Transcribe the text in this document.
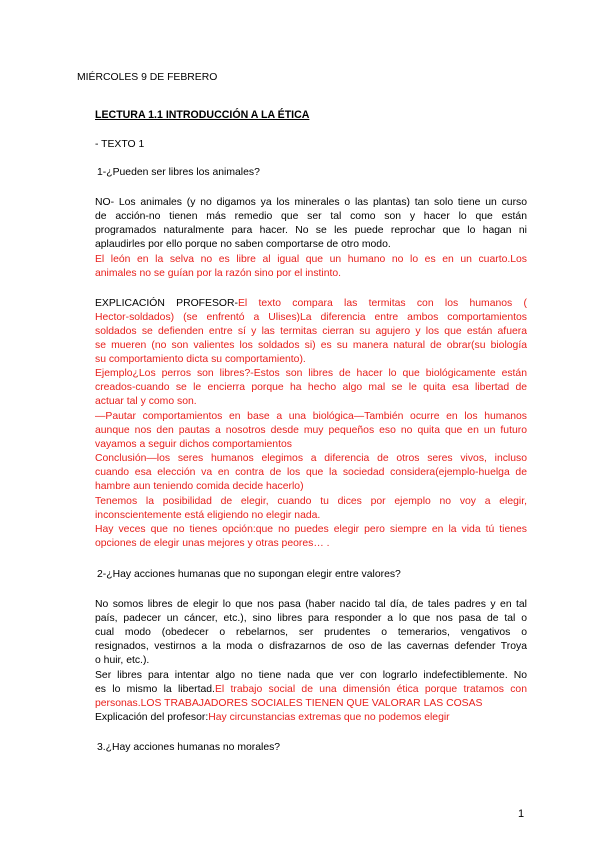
MIÉRCOLES 9 DE FEBRERO

LECTURA 1.1 INTRODUCCIÓN A LA ÉTICA

- TEXTO 1

1-¿Pueden ser libres los animales?

NO- Los animales (y no digamos ya los minerales o las plantas) tan solo tiene un curso

de acción-no tienen más remedio que ser tal como son y hacer lo que están

programados naturalmente para hacer. No se les puede reprochar que lo hagan ni

aplaudirles por ello porque no saben comportarse de otro modo.

El león en la selva no es libre al igual que un humano no lo es en un cuarto.Los

animales no se guían por la razón sino por el instinto.

EXPLICACIÓN PROFESOR-El texto compara las termitas con los humanos (

Hector-soldados) (se enfrentó a Ulises)La diferencia entre ambos comportamientos

soldados se defienden entre sí y las termitas cierran su agujero y los que están afuera

se mueren (no son valientes los soldados si) es su manera natural de obrar(su biología

su comportamiento dicta su comportamiento).

Ejemplo¿Los perros son libres?-Estos son libres de hacer lo que biológicamente están

creados-cuando se le encierra porque ha hecho algo mal se le quita esa libertad de

actuar tal y como son.

—Pautar comportamientos en base a una biológica—También ocurre en los humanos

aunque nos den pautas a nosotros desde muy pequeños eso no quita que en un futuro

vayamos a seguir dichos comportamientos

Conclusión—los seres humanos elegimos a diferencia de otros seres vivos, incluso

cuando esa elección va en contra de los que la sociedad considera(ejemplo-huelga de

hambre aun teniendo comida decide hacerlo)

Tenemos la posibilidad de elegir, cuando tu dices por ejemplo no voy a elegir,

inconscientemente está eligiendo no elegir nada.

Hay veces que no tienes opción:que no puedes elegir pero siempre en la vida tú tienes

opciones de elegir unas mejores y otras peores… .

2-¿Hay acciones humanas que no supongan elegir entre valores?

No somos libres de elegir lo que nos pasa (haber nacido tal día, de tales padres y en tal

país, padecer un cáncer, etc.), sino libres para responder a lo que nos pasa de tal o

cual modo (obedecer o rebelarnos, ser prudentes o temerarios, vengativos o

resignados, vestirnos a la moda o disfrazarnos de oso de las cavernas defender Troya

o huir, etc.).

Ser libres para intentar algo no tiene nada que ver con lograrlo indefectiblemente. No

es lo mismo la libertad.El trabajo social de una dimensión ética porque tratamos con

personas.LOS TRABAJADORES SOCIALES TIENEN QUE VALORAR LAS COSAS

Explicación del profesor:Hay circunstancias extremas que no podemos elegir

3.¿Hay acciones humanas no morales?

1
